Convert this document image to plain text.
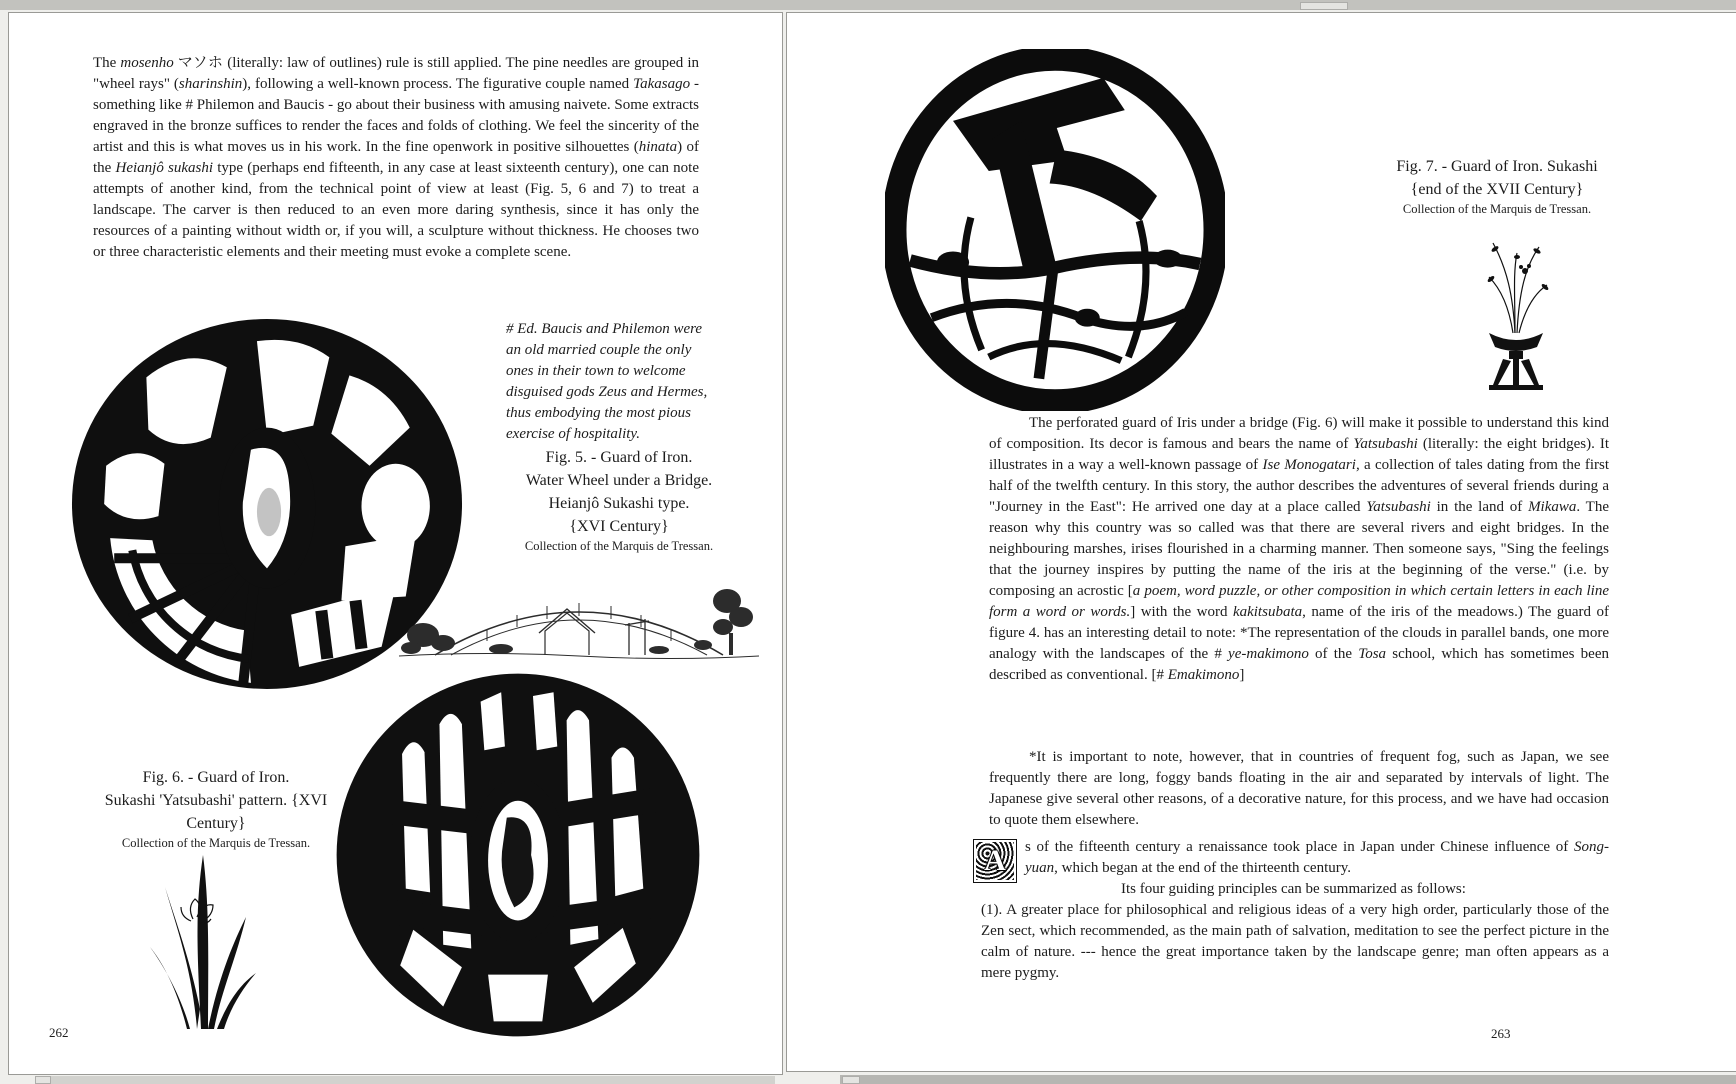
The mosenho マソホ (literally: law of outlines) rule is still applied. The pine needles are grouped in "wheel rays" (sharinshin), following a well-known process. The figurative couple named Takasago - something like # Philemon and Baucis - go about their business with amusing naivete. Some extracts engraved in the bronze suffices to render the faces and folds of clothing. We feel the sincerity of the artist and this is what moves us in his work. In the fine openwork in positive silhouettes (hinata) of the Heianjô sukashi type (perhaps end fifteenth, in any case at least sixteenth century), one can note attempts of another kind, from the technical point of view at least (Fig. 5, 6 and 7) to treat a landscape. The carver is then reduced to an even more daring synthesis, since it has only the resources of a painting without width or, if you will, a sculpture without thickness. He chooses two or three characteristic elements and their meeting must evoke a complete scene.
# Ed. Baucis and Philemon were an old married couple the only ones in their town to welcome disguised gods Zeus and Hermes, thus embodying the most pious exercise of hospitality.
Fig. 5. - Guard of Iron.
Water Wheel under a Bridge.
Heianjô Sukashi type.
{XVI Century}
Collection of the Marquis de Tressan.
Fig. 6. - Guard of Iron.
Sukashi 'Yatsubashi' pattern. {XVI
Century}
Collection of the Marquis de Tressan.
262
Fig. 7. - Guard of Iron. Sukashi
{end of the XVII Century}
Collection of the Marquis de Tressan.
The perforated guard of Iris under a bridge (Fig. 6) will make it possible to understand this kind of composition. Its decor is famous and bears the name of Yatsubashi (literally: the eight bridges). It illustrates in a way a well-known passage of Ise Monogatari, a collection of tales dating from the first half of the twelfth century. In this story, the author describes the adventures of several friends during a "Journey in the East": He arrived one day at a place called Yatsubashi in the land of Mikawa. The reason why this country was so called was that there are several rivers and eight bridges. In the neighbouring marshes, irises flourished in a charming manner. Then someone says, "Sing the feelings that the journey inspires by putting the name of the iris at the beginning of the verse." (i.e. by composing an acrostic [a poem, word puzzle, or other composition in which certain letters in each line form a word or words.] with the word kakitsubata, name of the iris of the meadows.) The guard of figure 4. has an interesting detail to note: *The representation of the clouds in parallel bands, one more analogy with the landscapes of the # ye-makimono of the Tosa school, which has sometimes been described as conventional. [# Emakimono]
*It is important to note, however, that in countries of frequent fog, such as Japan, we see frequently there are long, foggy bands floating in the air and separated by intervals of light. The Japanese give several other reasons, of a decorative nature, for this process, and we have had occasion to quote them elsewhere.
A	s of the fifteenth century a renaissance took place in Japan under Chinese influence of Song-yuan, which began at the end of the thirteenth century.
Its four guiding principles can be summarized as follows:
(1). A greater place for philosophical and religious ideas of a very high order, particularly those of the Zen sect, which recommended, as the main path of salvation, meditation to see the perfect picture in the calm of nature. --- hence the great importance taken by the landscape genre; man often appears as a mere pygmy.
263
